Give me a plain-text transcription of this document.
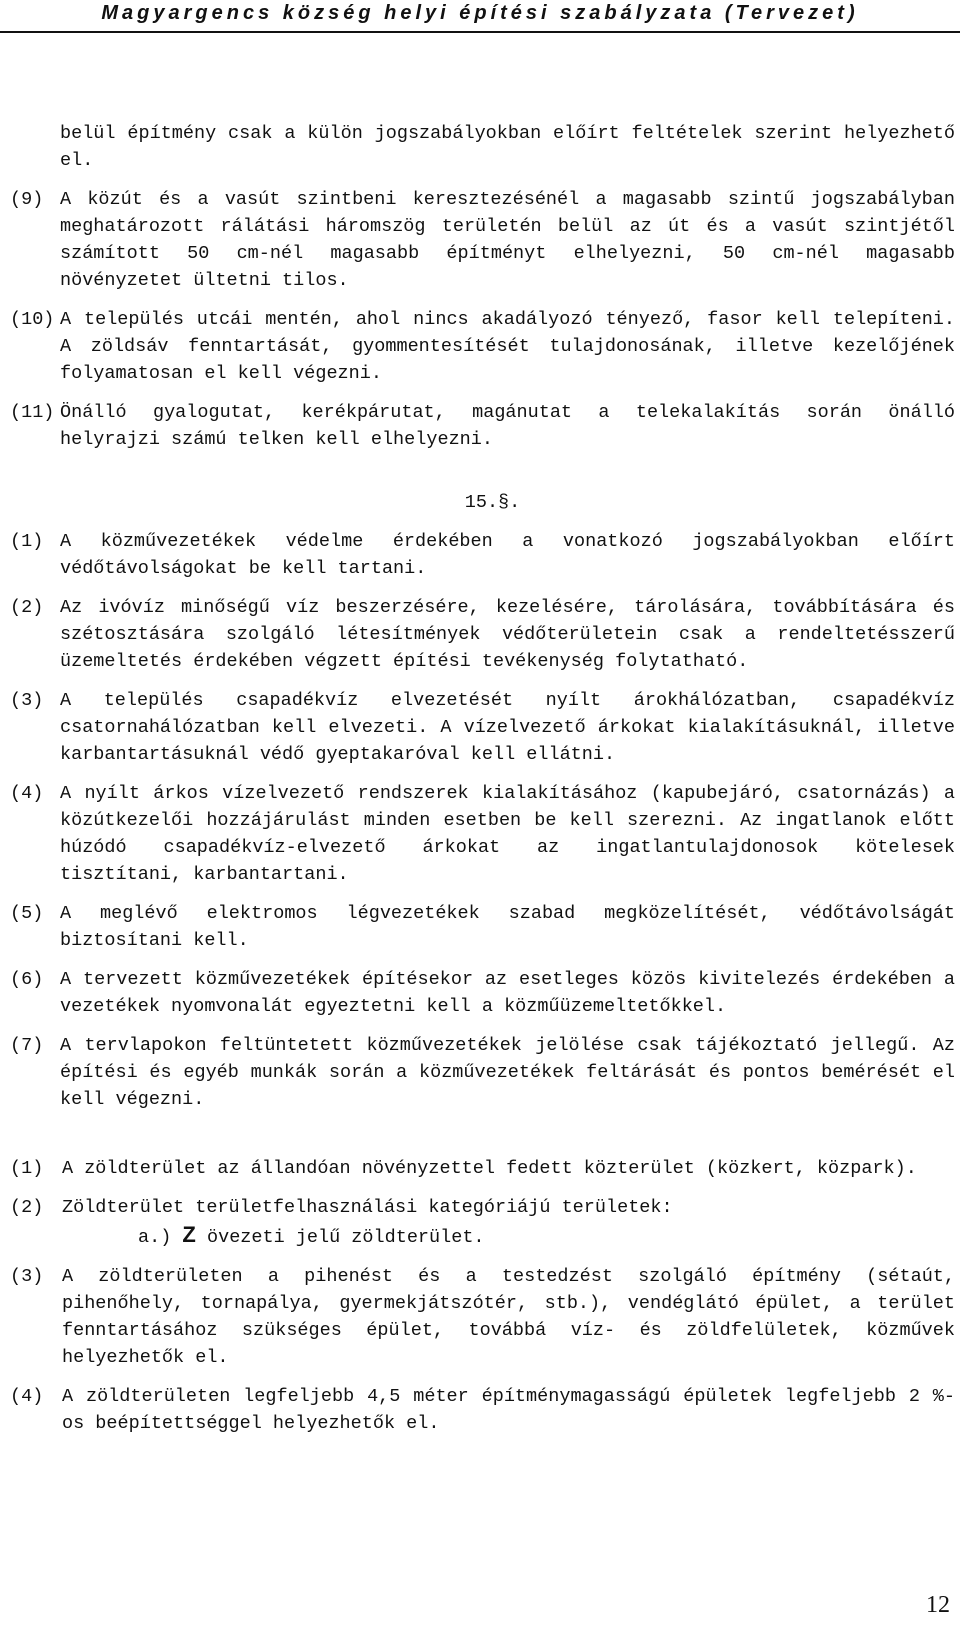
Magyargencs község helyi építési szabályzata (Tervezet)

belül építmény csak a külön jogszabályokban előírt feltételek szerint helyezhető el.

(9) A közút és a vasút szintbeni keresztezésénél a magasabb szintű jogszabályban meghatározott rálátási háromszög területén belül az út és a vasút szintjétől számított 50 cm-nél magasabb építményt elhelyezni, 50 cm-nél magasabb növényzetet ültetni tilos.

(10) A település utcái mentén, ahol nincs akadályozó tényező, fasor kell telepíteni. A zöldsáv fenntartását, gyommentesítését tulajdonosának, illetve kezelőjének folyamatosan el kell végezni.

(11) Önálló gyalogutat, kerékpárutat, magánutat a telekalakítás során önálló helyrajzi számú telken kell elhelyezni.

15.§.
(1) A közművezetékek védelme érdekében a vonatkozó jogszabályokban előírt védőtávolságokat be kell tartani.

(2) Az ivóvíz minőségű víz beszerzésére, kezelésére, tárolására, továbbítására és szétosztására szolgáló létesítmények védőterületein csak a rendeltetésszerű üzemeltetés érdekében végzett építési tevékenység folytatható.

(3) A település csapadékvíz elvezetését nyílt árokhálózatban, csapadékvíz csatornahálózatban kell elvezeti. A vízelvezető árkokat kialakításuknál, illetve karbantartásuknál védő gyeptakaróval kell ellátni.

(4) A nyílt árkos vízelvezető rendszerek kialakításához (kapubejáró, csatornázás) a közútkezelői hozzájárulást minden esetben be kell szerezni. Az ingatlanok előtt húzódó csapadékvíz-elvezető árkokat az ingatlantulajdonosok kötelesek tisztítani, karbantartani.

(5) A meglévő elektromos légvezetékek szabad megközelítését, védőtávolságát biztosítani kell.

(6) A tervezett közművezetékek építésekor az esetleges közös kivitelezés érdekében a vezetékek nyomvonalát egyeztetni kell a közműüzemeltetőkkel.

(7) A tervlapokon feltüntetett közművezetékek jelölése csak tájékoztató jellegű. Az építési és egyéb munkák során a közművezetékek feltárását és pontos bemérését el kell végezni.

(1) A zöldterület az állandóan növényzettel fedett közterület (közkert, közpark).

(2) Zöldterület területfelhasználási kategóriájú területek:

a.) Z övezeti jelű zöldterület.
(3) A zöldterületen a pihenést és a testedzést szolgáló építmény (sétaút, pihenőhely, tornapálya, gyermekjátszótér, stb.), vendéglátó épület, a terület fenntartásához szükséges épület, továbbá víz- és zöldfelületek, közművek helyezhetők el.

(4) A zöldterületen legfeljebb 4,5 méter építménymagasságú épületek legfeljebb 2 %-os beépítettséggel helyezhetők el.

12
